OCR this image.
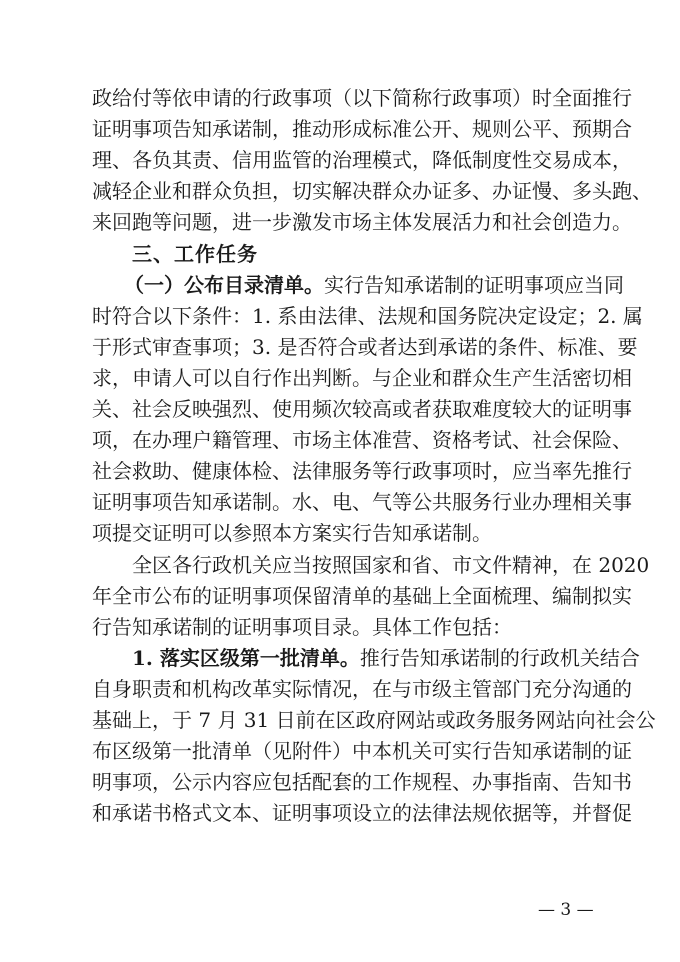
政给付等依申请的行政事项（以下简称行政事项）时全面推行
证明事项告知承诺制，推动形成标准公开、规则公平、预期合
理、各负其责、信用监管的治理模式，降低制度性交易成本，
减轻企业和群众负担，切实解决群众办证多、办证慢、多头跑、
来回跑等问题，进一步激发市场主体发展活力和社会创造力。
三、工作任务
（一）公布目录清单。实行告知承诺制的证明事项应当同
时符合以下条件：1. 系由法律、法规和国务院决定设定；2. 属
于形式审查事项；3. 是否符合或者达到承诺的条件、标准、要
求，申请人可以自行作出判断。与企业和群众生产生活密切相
关、社会反映强烈、使用频次较高或者获取难度较大的证明事
项，在办理户籍管理、市场主体准营、资格考试、社会保险、
社会救助、健康体检、法律服务等行政事项时，应当率先推行
证明事项告知承诺制。水、电、气等公共服务行业办理相关事
项提交证明可以参照本方案实行告知承诺制。
全区各行政机关应当按照国家和省、市文件精神，在 2020
年全市公布的证明事项保留清单的基础上全面梳理、编制拟实
行告知承诺制的证明事项目录。具体工作包括：
1. 落实区级第一批清单。推行告知承诺制的行政机关结合
自身职责和机构改革实际情况，在与市级主管部门充分沟通的
基础上，于 7 月 31 日前在区政府网站或政务服务网站向社会公
布区级第一批清单（见附件）中本机关可实行告知承诺制的证
明事项，公示内容应包括配套的工作规程、办事指南、告知书
和承诺书格式文本、证明事项设立的法律法规依据等，并督促
— 3 —
